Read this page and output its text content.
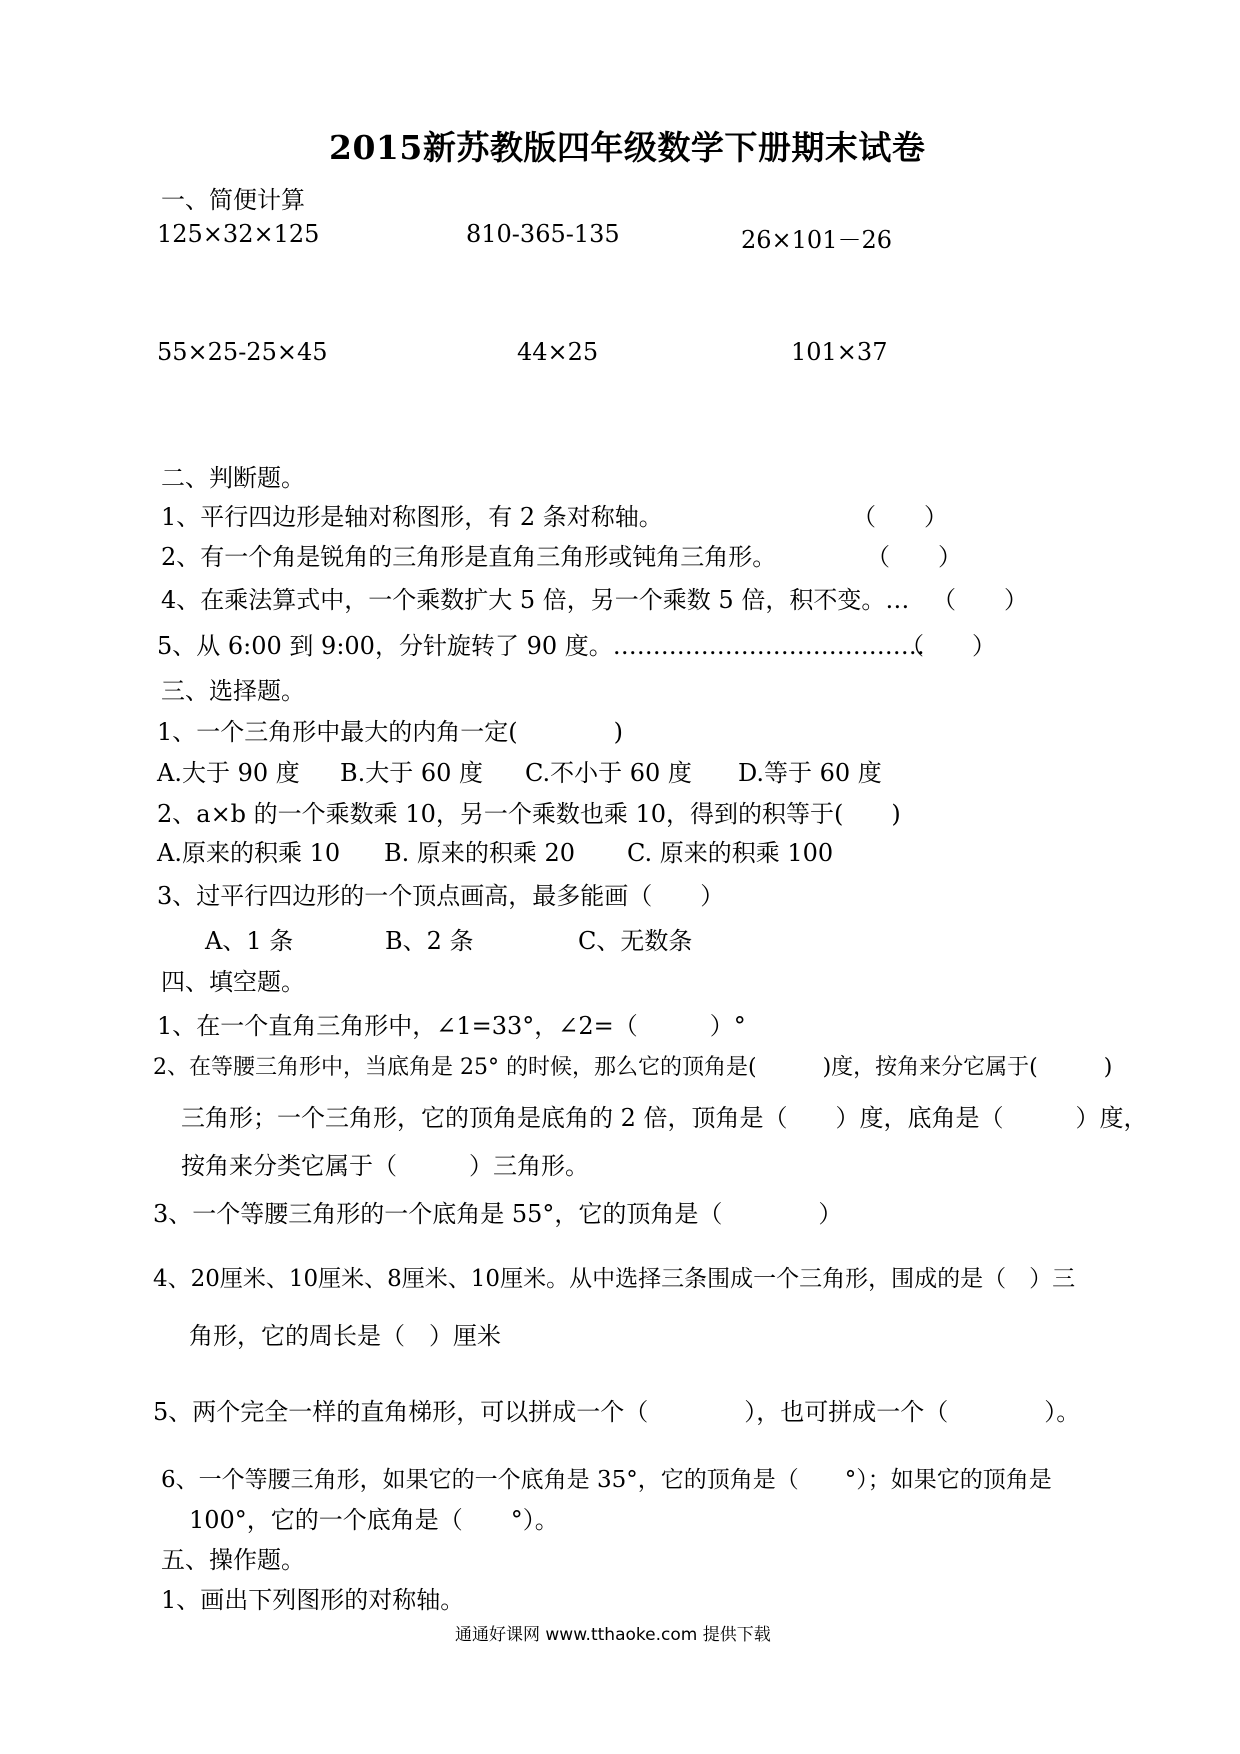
2015新苏教版四年级数学下册期末试卷
一、简便计算
125×32×125	810-365-135	26×101－26
55×25-25×45	44×25	101×37
二、判断题。
1、平行四边形是轴对称图形，有 2 条对称轴。	（　　）
2、有一个角是锐角的三角形是直角三角形或钝角三角形。	（　　）
4、在乘法算式中，一个乘数扩大 5 倍，另一个乘数 5 倍，积不变。… （　　）
5、从 6:00 到 9:00，分针旋转了 90 度。…………………………………
（　　）
三、选择题。
1、一个三角形中最大的内角一定(　　　　)
A.大于 90 度 B.大于 60 度 C.不小于 60 度 D.等于 60 度
2、a×b 的一个乘数乘 10，另一个乘数也乘 10，得到的积等于(　　)
A.原来的积乘 10 B. 原来的积乘 20 C. 原来的积乘 100
3、过平行四边形的一个顶点画高，最多能画（　　）
A、1 条	B、2 条	C、无数条
四、填空题。
1、在一个直角三角形中，∠1=33°，∠2=（　　　）°
2、在等腰三角形中，当底角是 25° 的时候，那么它的顶角是(　　　)度，按角来分它属于(　　　)
三角形；一个三角形，它的顶角是底角的 2 倍，顶角是（　　）度，底角是（　　　）度，
按角来分类它属于（　　　）三角形。
3、一个等腰三角形的一个底角是 55°，它的顶角是（　　　　）
4、20厘米、10厘米、8厘米、10厘米。从中选择三条围成一个三角形，围成的是（　）三
角形，它的周长是（　）厘米
5、两个完全一样的直角梯形，可以拼成一个（　　　　），也可拼成一个（　　　　）。
6、一个等腰三角形，如果它的一个底角是 35°，它的顶角是（　　°）；如果它的顶角是
100°，它的一个底角是（　　°）。
五、操作题。
1、画出下列图形的对称轴。
通通好课网 www.tthaoke.com 提供下载
